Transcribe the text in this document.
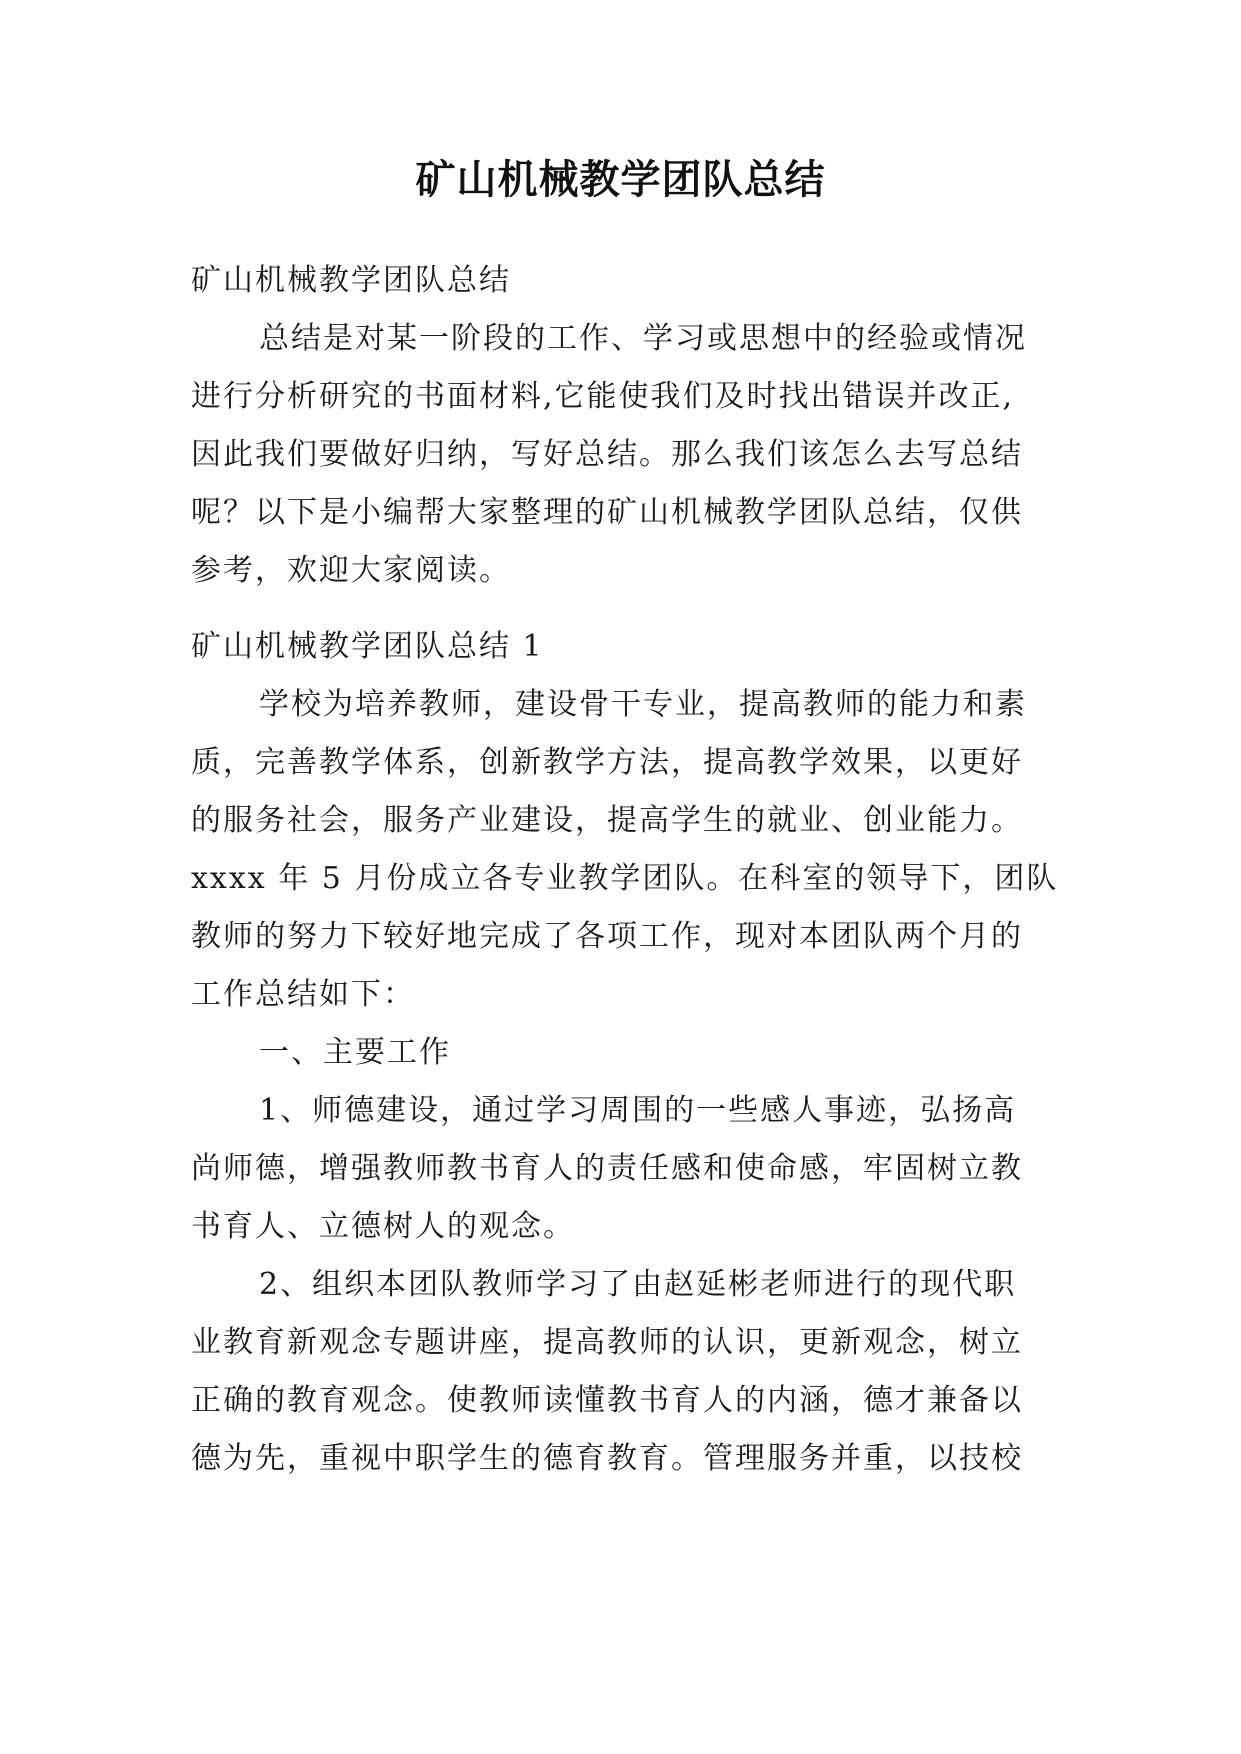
矿山机械教学团队总结
矿山机械教学团队总结
总结是对某一阶段的工作、学习或思想中的经验或情况
进行分析研究的书面材料,它能使我们及时找出错误并改正,
因此我们要做好归纳，写好总结。那么我们该怎么去写总结
呢？以下是小编帮大家整理的矿山机械教学团队总结，仅供
参考，欢迎大家阅读。
矿山机械教学团队总结 1
学校为培养教师，建设骨干专业，提高教师的能力和素
质，完善教学体系，创新教学方法，提高教学效果，以更好
的服务社会，服务产业建设，提高学生的就业、创业能力。
xxxx 年 5 月份成立各专业教学团队。在科室的领导下，团队
教师的努力下较好地完成了各项工作，现对本团队两个月的
工作总结如下：
一、主要工作
1、师德建设，通过学习周围的一些感人事迹，弘扬高
尚师德，增强教师教书育人的责任感和使命感，牢固树立教
书育人、立德树人的观念。
2、组织本团队教师学习了由赵延彬老师进行的现代职
业教育新观念专题讲座，提高教师的认识，更新观念，树立
正确的教育观念。使教师读懂教书育人的内涵，德才兼备以
德为先，重视中职学生的德育教育。管理服务并重，以技校
